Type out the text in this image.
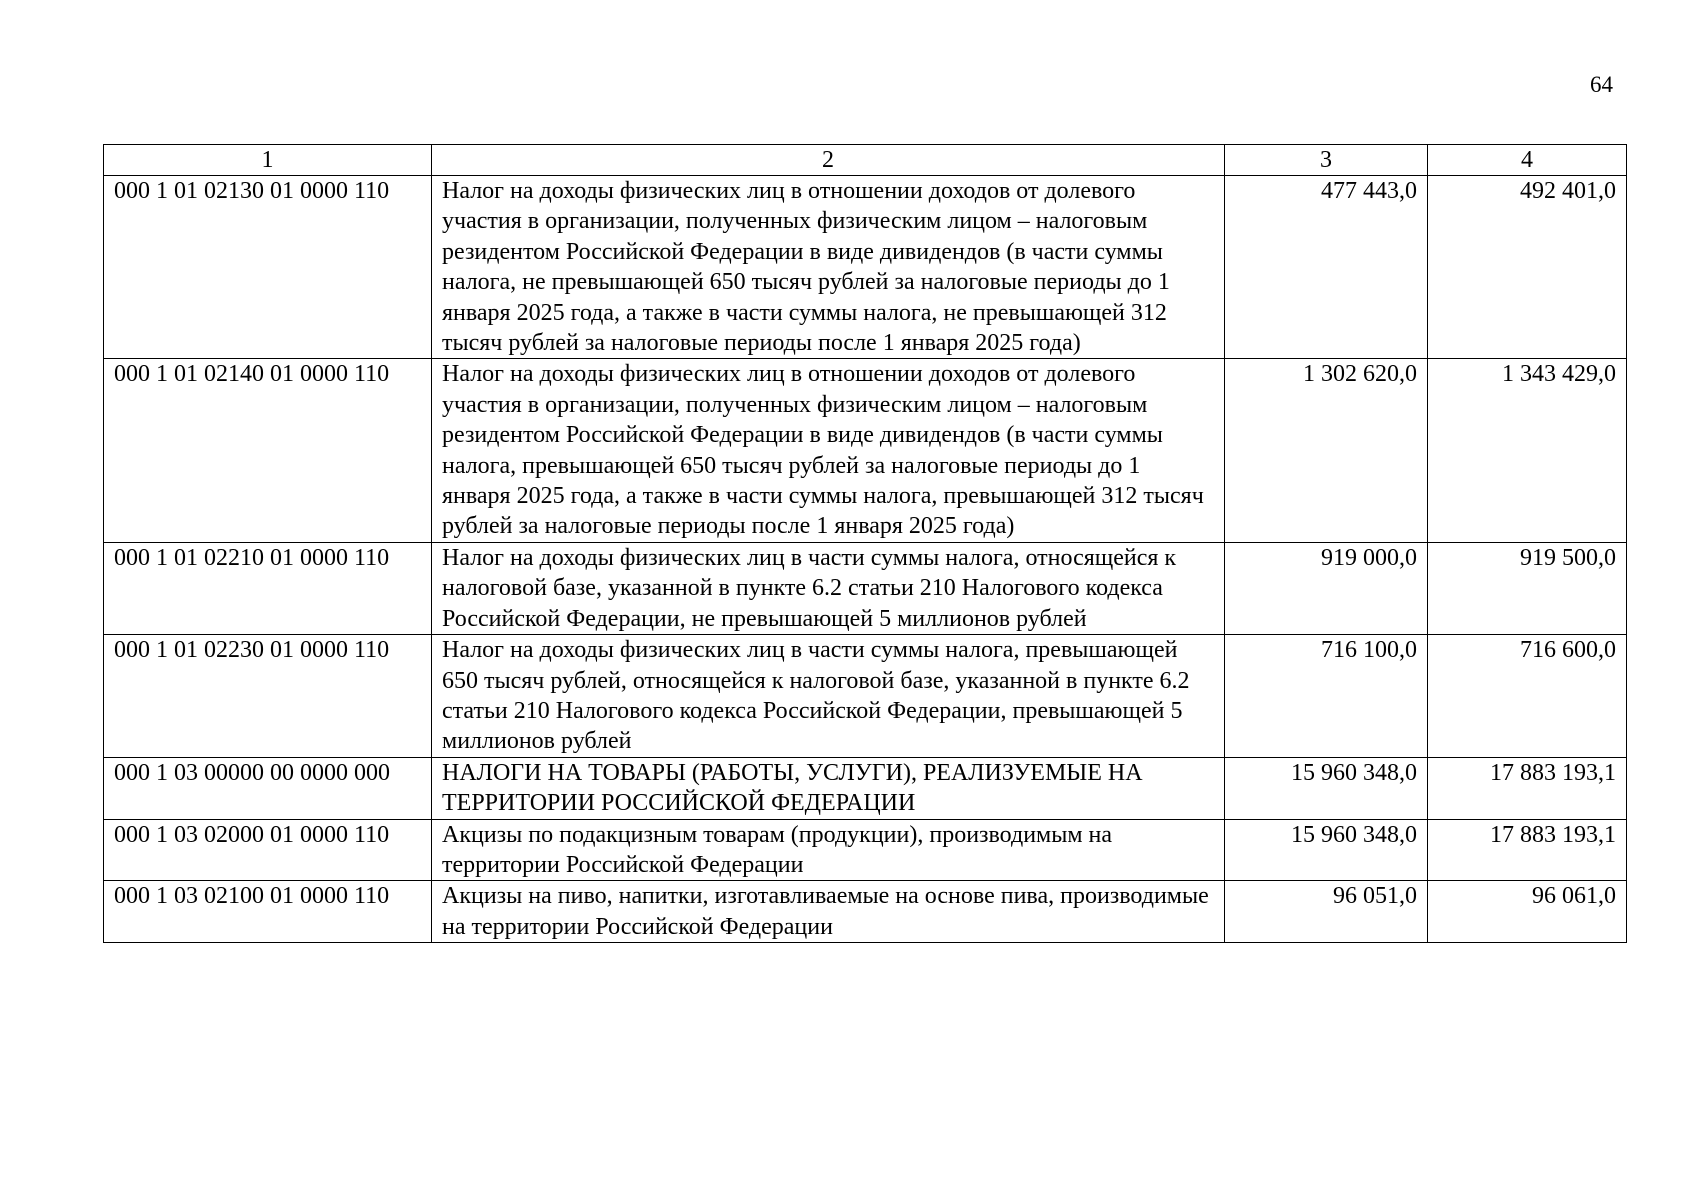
64
1	2	3	4
000 1 01 02130 01 0000 110	Налог на доходы физических лиц в отношении доходов от долевого участия в организации, полученных физическим лицом – налоговым резидентом Российской Федерации в виде дивидендов (в части суммы налога, не превышающей 650 тысяч рублей за налоговые периоды до 1 января 2025 года, а также в части суммы налога, не превышающей 312 тысяч рублей за налоговые периоды после 1 января 2025 года)	477 443,0	492 401,0
000 1 01 02140 01 0000 110	Налог на доходы физических лиц в отношении доходов от долевого участия в организации, полученных физическим лицом – налоговым резидентом Российской Федерации в виде дивидендов (в части суммы налога, превышающей 650 тысяч рублей за налоговые периоды до 1 января 2025 года, а также в части суммы налога, превышающей 312 тысяч рублей за налоговые периоды после 1 января 2025 года)	1 302 620,0	1 343 429,0
000 1 01 02210 01 0000 110	Налог на доходы физических лиц в части суммы налога, относящейся к налоговой базе, указанной в пункте 6.2 статьи 210 Налогового кодекса Российской Федерации, не превышающей 5 миллионов рублей	919 000,0	919 500,0
000 1 01 02230 01 0000 110	Налог на доходы физических лиц в части суммы налога, превышающей 650 тысяч рублей, относящейся к налоговой базе, указанной в пункте 6.2 статьи 210 Налогового кодекса Российской Федерации, превышающей 5 миллионов рублей	716 100,0	716 600,0
000 1 03 00000 00 0000 000	НАЛОГИ НА ТОВАРЫ (РАБОТЫ, УСЛУГИ), РЕАЛИЗУЕМЫЕ НА ТЕРРИТОРИИ РОССИЙСКОЙ ФЕДЕРАЦИИ	15 960 348,0	17 883 193,1
000 1 03 02000 01 0000 110	Акцизы по подакцизным товарам (продукции), производимым на территории Российской Федерации	15 960 348,0	17 883 193,1
000 1 03 02100 01 0000 110	Акцизы на пиво, напитки, изготавливаемые на основе пива, производимые на территории Российской Федерации	96 051,0	96 061,0
